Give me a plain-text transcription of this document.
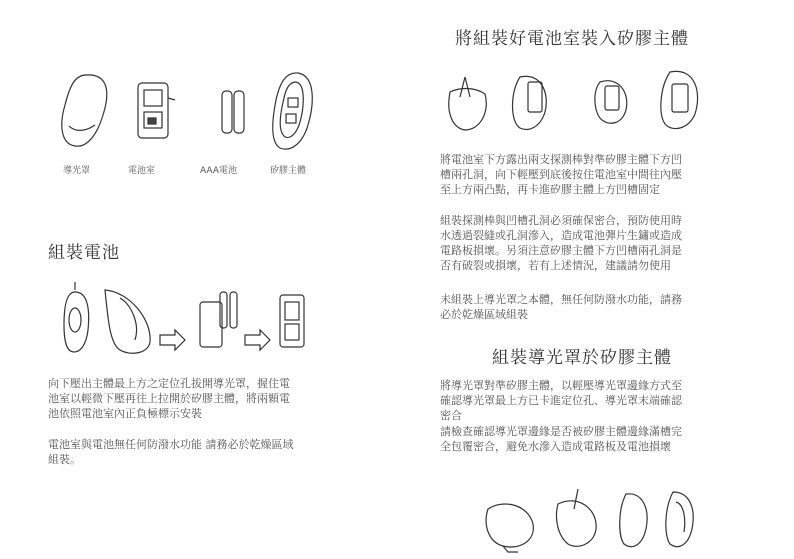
導光罩	電池室	AAA電池	矽膠主體
組裝電池
向下壓出主體最上方之定位孔拔開導光罩，握住電
池室以輕微下壓再往上拉開於矽膠主體，將兩顆電
池依照電池室內正負極標示安裝
電池室與電池無任何防潑水功能 請務必於乾燥區域
組裝。
將組裝好電池室裝入矽膠主體
將電池室下方露出兩支探測棒對準矽膠主體下方凹
槽兩孔洞，向下輕壓到底後按住電池室中間往內壓
至上方兩凸點，再卡進矽膠主體上方凹槽固定
組裝探測棒與凹槽孔洞必須確保密合，預防使用時
水透過裂縫或孔洞滲入，造成電池彈片生鏽或造成
電路板損壞。另須注意矽膠主體下方凹槽兩孔洞是
否有破裂或損壞，若有上述情況，建議請勿使用
未組裝上導光罩之本體，無任何防潑水功能，請務
必於乾燥區域組裝
組裝導光罩於矽膠主體
將導光罩對準矽膠主體，以輕壓導光罩邊緣方式至
確認導光罩最上方已卡進定位孔、導光罩末端確認
密合
請檢查確認導光罩邊緣是否被矽膠主體邊緣滿槽完
全包覆密合，避免水滲入造成電路板及電池損壞
